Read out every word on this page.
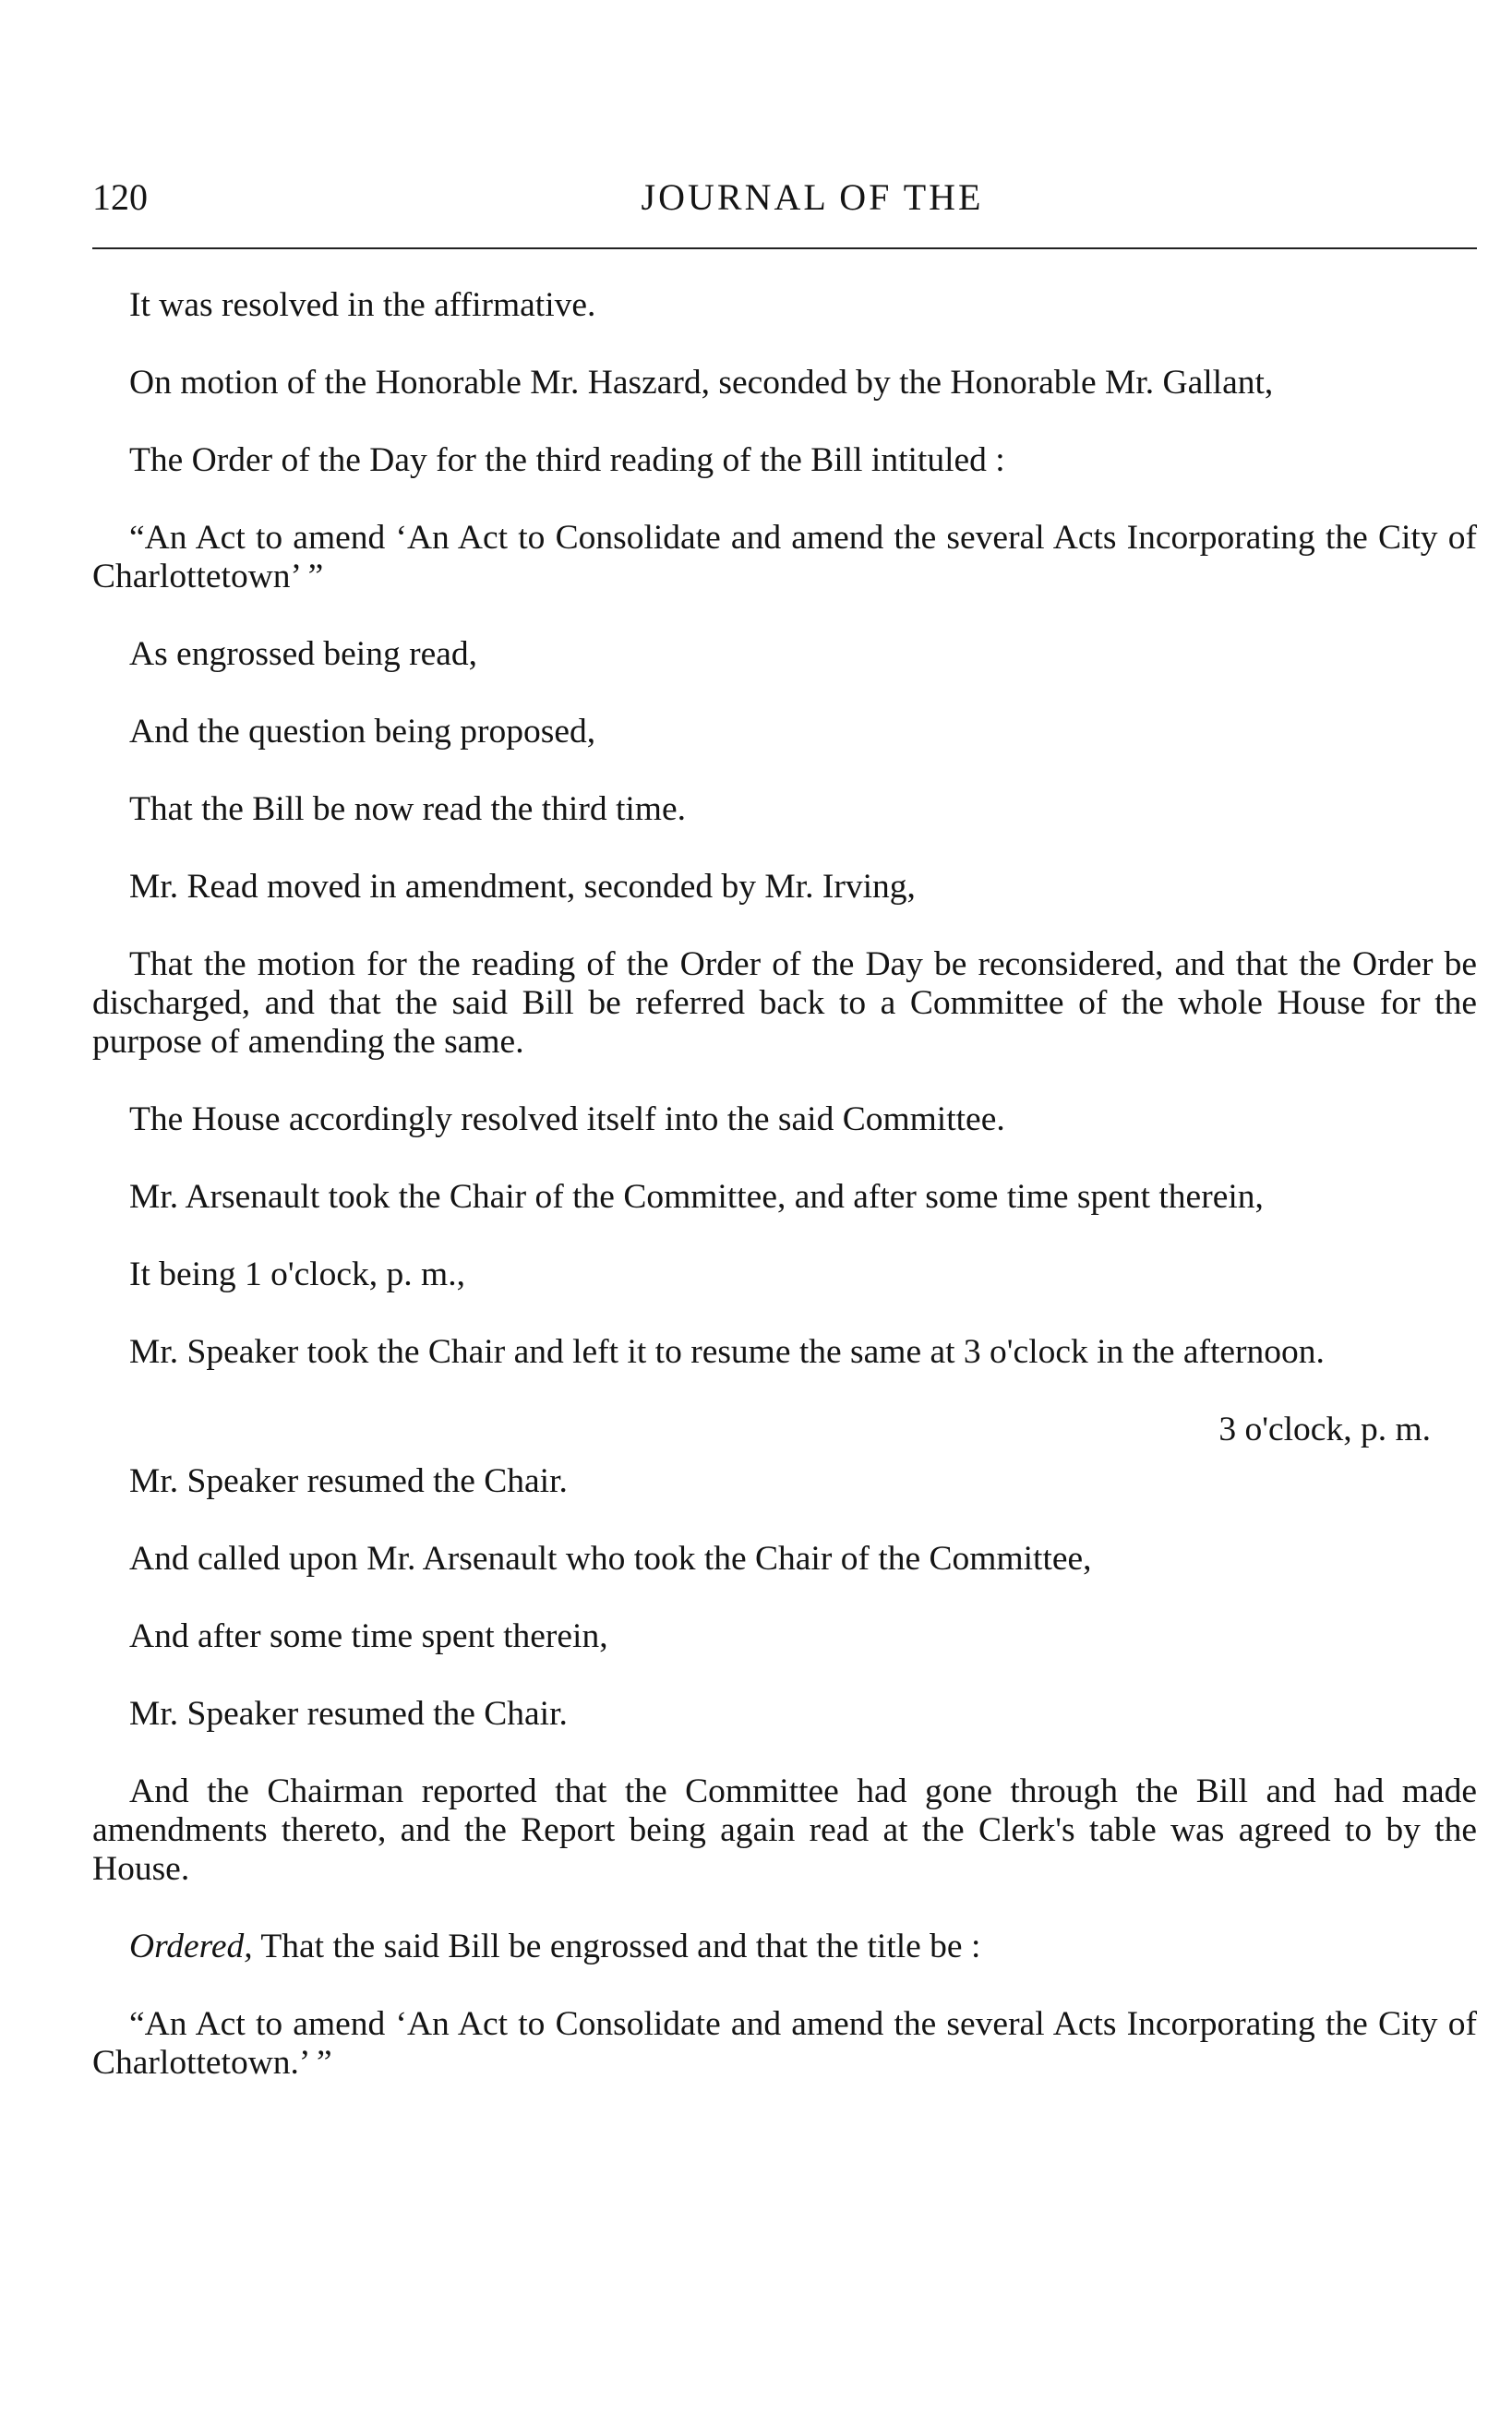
120	JOURNAL OF THE

It was resolved in the affirmative.

On motion of the Honorable Mr. Haszard, seconded by the Honorable Mr. Gallant,

The Order of the Day for the third reading of the Bill intituled :

“An Act to amend ‘An Act to Consolidate and amend the several Acts Incorporating the City of Charlottetown’ ”

As engrossed being read,

And the question being proposed,

That the Bill be now read the third time.

Mr. Read moved in amendment, seconded by Mr. Irving,

That the motion for the reading of the Order of the Day be reconsidered, and that the Order be discharged, and that the said Bill be referred back to a Committee of the whole House for the purpose of amending the same.

The House accordingly resolved itself into the said Committee.

Mr. Arsenault took the Chair of the Committee, and after some time spent therein,

It being 1 o'clock, p. m.,

Mr. Speaker took the Chair and left it to resume the same at 3 o'clock in the afternoon.

3 o'clock, p. m.

Mr. Speaker resumed the Chair.

And called upon Mr. Arsenault who took the Chair of the Committee,

And after some time spent therein,

Mr. Speaker resumed the Chair.

And the Chairman reported that the Committee had gone through the Bill and had made amendments thereto, and the Report being again read at the Clerk's table was agreed to by the House.

Ordered, That the said Bill be engrossed and that the title be :

“An Act to amend ‘An Act to Consolidate and amend the several Acts Incorporating the City of Charlottetown.’ ”
